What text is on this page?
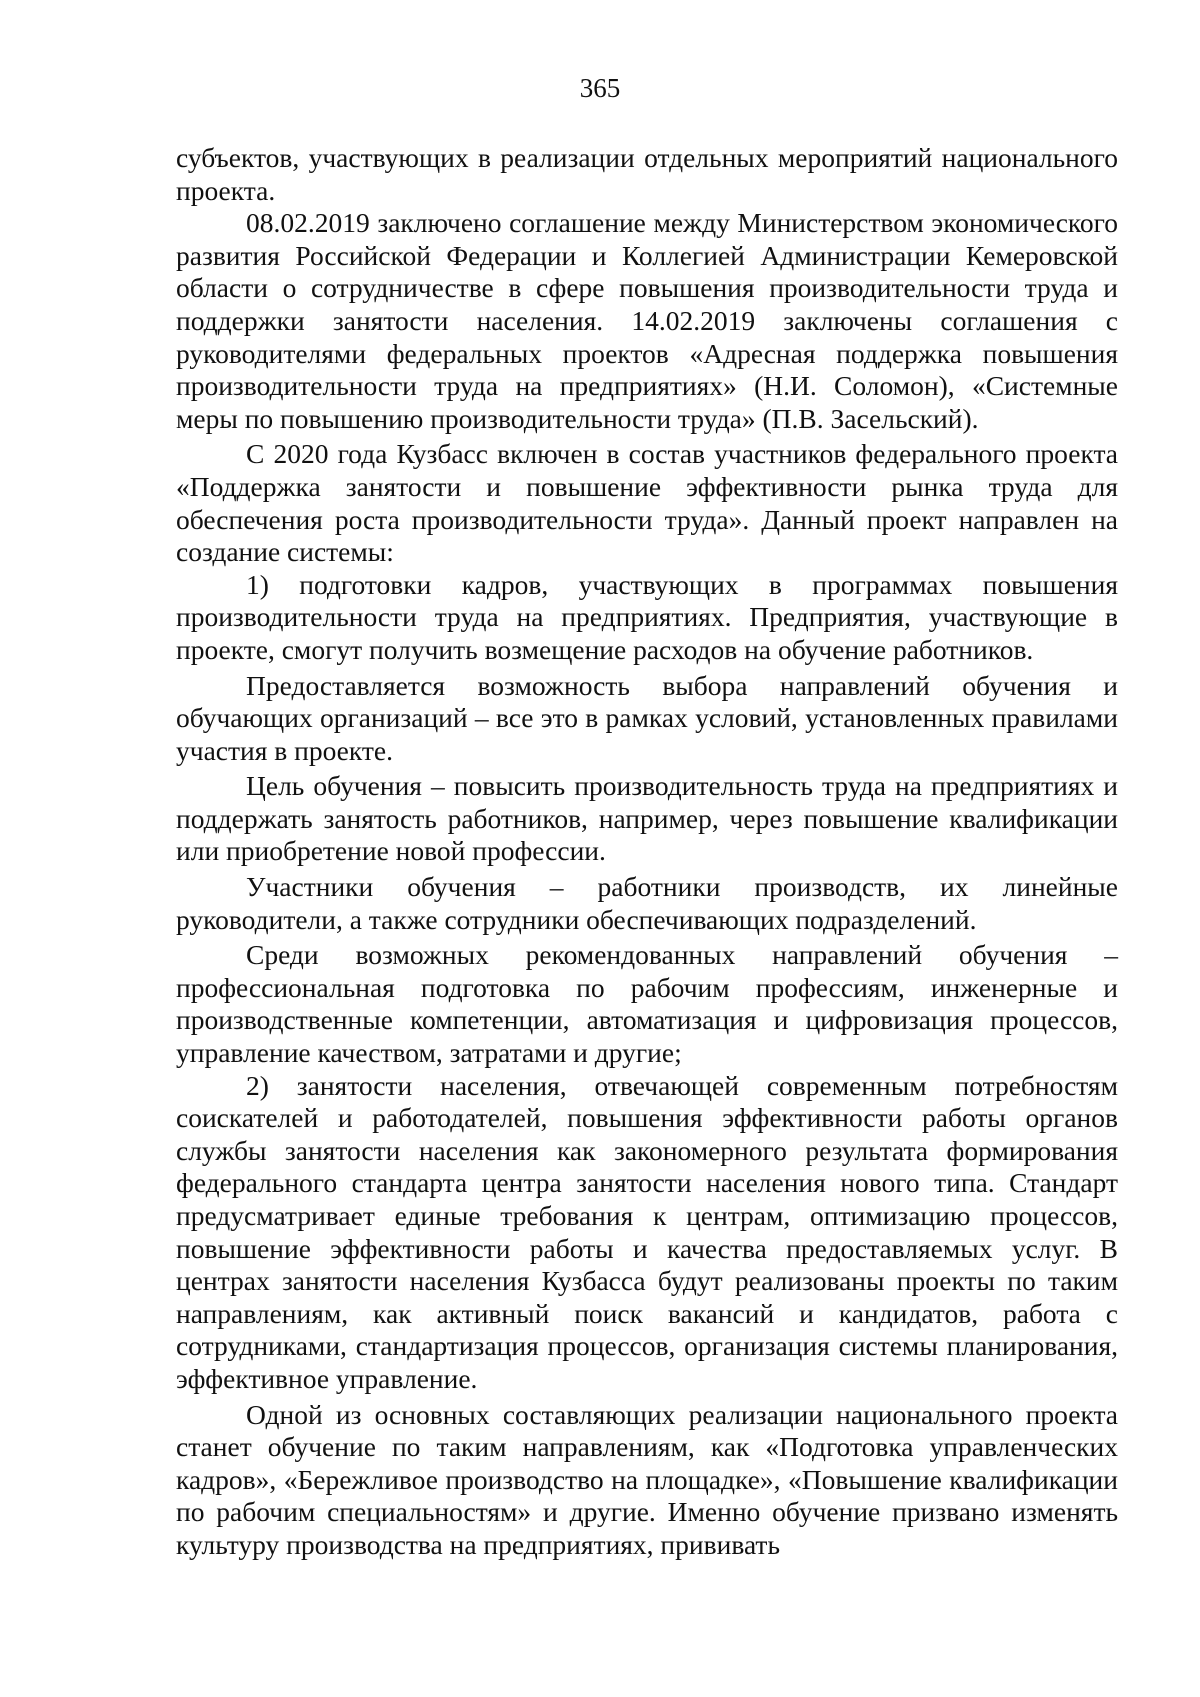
365

субъектов, участвующих в реализации отдельных мероприятий национального проекта.

08.02.2019 заключено соглашение между Министерством экономического развития Российской Федерации и Коллегией Администрации Кемеровской области о сотрудничестве в сфере повышения производительности труда и поддержки занятости населения. 14.02.2019 заключены соглашения с руководителями федеральных проектов «Адресная поддержка повышения производительности труда на предприятиях» (Н.И. Соломон), «Системные меры по повышению производительности труда» (П.В. Засельский).

С 2020 года Кузбасс включен в состав участников федерального проекта «Поддержка занятости и повышение эффективности рынка труда для обеспечения роста производительности труда». Данный проект направлен на создание системы:

1) подготовки кадров, участвующих в программах повышения производительности труда на предприятиях. Предприятия, участвующие в проекте, смогут получить возмещение расходов на обучение работников.

Предоставляется возможность выбора направлений обучения и обучающих организаций – все это в рамках условий, установленных правилами участия в проекте.

Цель обучения – повысить производительность труда на предприятиях и поддержать занятость работников, например, через повышение квалификации или приобретение новой профессии.

Участники обучения – работники производств, их линейные руководители, а также сотрудники обеспечивающих подразделений.

Среди возможных рекомендованных направлений обучения – профессиональная подготовка по рабочим профессиям, инженерные и производственные компетенции, автоматизация и цифровизация процессов, управление качеством, затратами и другие;

2) занятости населения, отвечающей современным потребностям соискателей и работодателей, повышения эффективности работы органов службы занятости населения как закономерного результата формирования федерального стандарта центра занятости населения нового типа. Стандарт предусматривает единые требования к центрам, оптимизацию процессов, повышение эффективности работы и качества предоставляемых услуг. В центрах занятости населения Кузбасса будут реализованы проекты по таким направлениям, как активный поиск вакансий и кандидатов, работа с сотрудниками, стандартизация процессов, организация системы планирования, эффективное управление.

Одной из основных составляющих реализации национального проекта станет обучение по таким направлениям, как «Подготовка управленческих кадров», «Бережливое производство на площадке», «Повышение квалификации по рабочим специальностям» и другие. Именно обучение призвано изменять культуру производства на предприятиях, прививать
